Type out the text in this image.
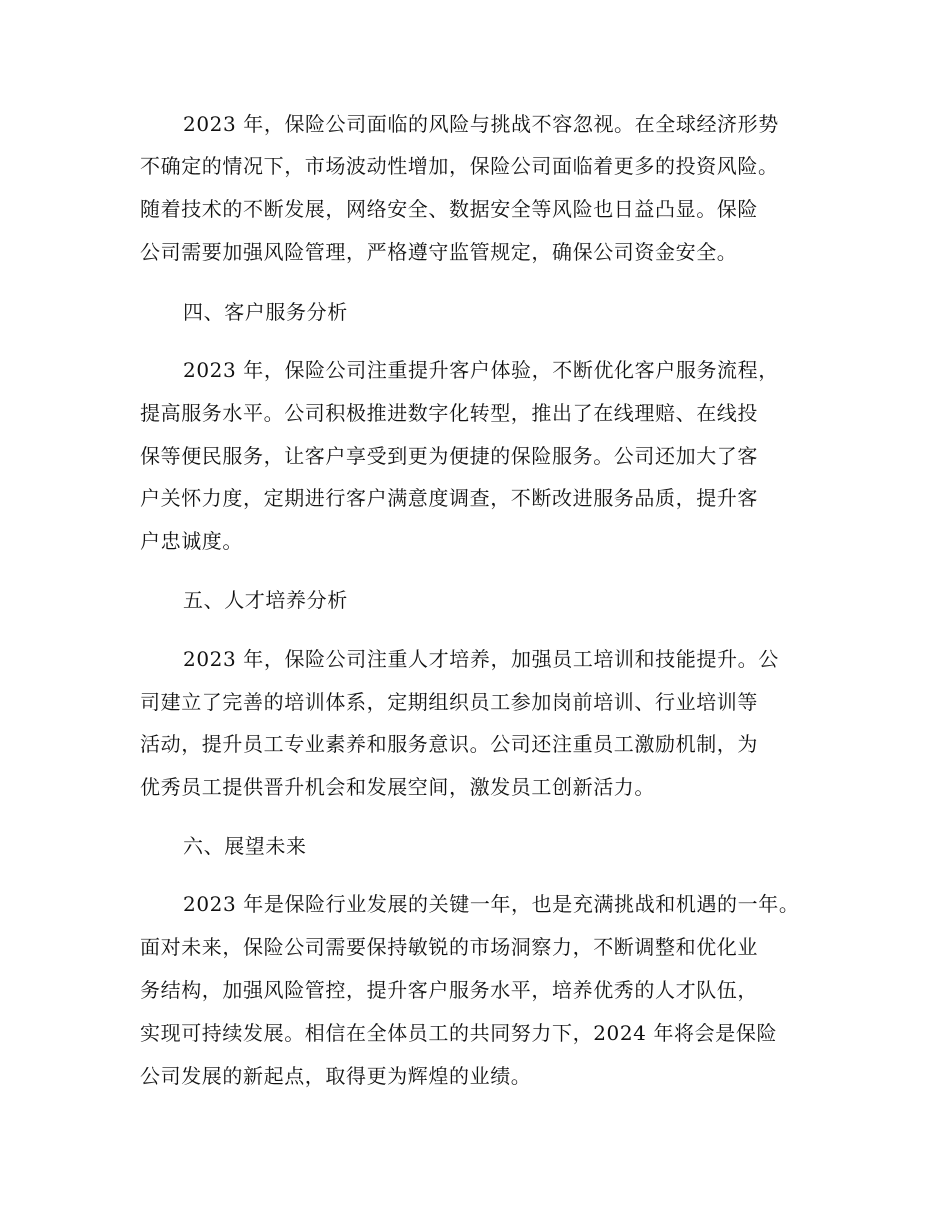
2023 年，保险公司面临的风险与挑战不容忽视。在全球经济形势
不确定的情况下，市场波动性增加，保险公司面临着更多的投资风险。
随着技术的不断发展，网络安全、数据安全等风险也日益凸显。保险
公司需要加强风险管理，严格遵守监管规定，确保公司资金安全。
四、客户服务分析
2023 年，保险公司注重提升客户体验，不断优化客户服务流程，
提高服务水平。公司积极推进数字化转型，推出了在线理赔、在线投
保等便民服务，让客户享受到更为便捷的保险服务。公司还加大了客
户关怀力度，定期进行客户满意度调查，不断改进服务品质，提升客
户忠诚度。
五、人才培养分析
2023 年，保险公司注重人才培养，加强员工培训和技能提升。公
司建立了完善的培训体系，定期组织员工参加岗前培训、行业培训等
活动，提升员工专业素养和服务意识。公司还注重员工激励机制，为
优秀员工提供晋升机会和发展空间，激发员工创新活力。
六、展望未来
2023 年是保险行业发展的关键一年，也是充满挑战和机遇的一年。
面对未来，保险公司需要保持敏锐的市场洞察力，不断调整和优化业
务结构，加强风险管控，提升客户服务水平，培养优秀的人才队伍，
实现可持续发展。相信在全体员工的共同努力下，2024 年将会是保险
公司发展的新起点，取得更为辉煌的业绩。
